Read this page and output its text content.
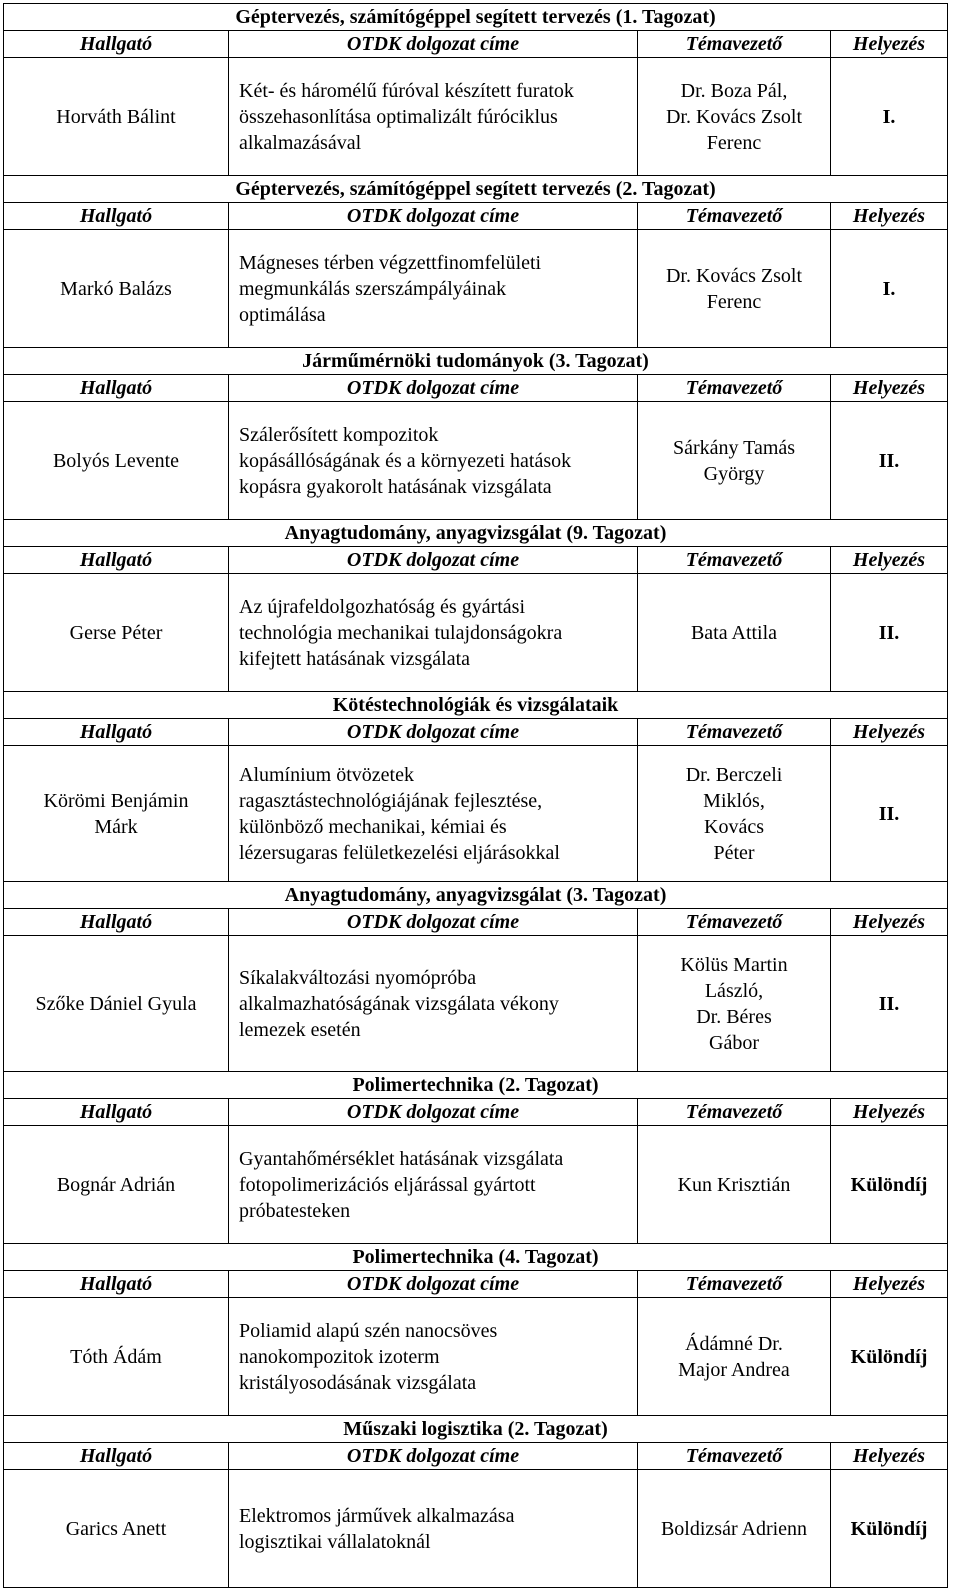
Géptervezés, számítógéppel segített tervezés (1. Tagozat)			
Hallgató	OTDK dolgozat címe	Témavezető	Helyezés
Horváth Bálint	Két- és háromélű fúróval készített furatok
összehasonlítása optimalizált fúróciklus
alkalmazásával	Dr. Boza Pál,
Dr. Kovács Zsolt
Ferenc	I.
Géptervezés, számítógéppel segített tervezés (2. Tagozat)			
Hallgató	OTDK dolgozat címe	Témavezető	Helyezés
Markó Balázs	Mágneses térben végzettfinomfelületi
megmunkálás szerszámpályáinak
optimálása	Dr. Kovács Zsolt
Ferenc	I.
Járműmérnöki tudományok (3. Tagozat)			
Hallgató	OTDK dolgozat címe	Témavezető	Helyezés
Bolyós Levente	Szálerősített kompozitok
kopásállóságának és a környezeti hatások
kopásra gyakorolt hatásának vizsgálata	Sárkány Tamás
György	II.
Anyagtudomány, anyagvizsgálat (9. Tagozat)			
Hallgató	OTDK dolgozat címe	Témavezető	Helyezés
Gerse Péter	Az újrafeldolgozhatóság és gyártási
technológia mechanikai tulajdonságokra
kifejtett hatásának vizsgálata	Bata Attila	II.
Kötéstechnológiák és vizsgálataik			
Hallgató	OTDK dolgozat címe	Témavezető	Helyezés
Körömi Benjámin
Márk	Alumínium ötvözetek
ragasztástechnológiájának fejlesztése,
különböző mechanikai, kémiai és
lézersugaras felületkezelési eljárásokkal	Dr. Berczeli
Miklós,
Kovács
Péter	II.
Anyagtudomány, anyagvizsgálat (3. Tagozat)			
Hallgató	OTDK dolgozat címe	Témavezető	Helyezés
Szőke Dániel Gyula	Síkalakváltozási nyomópróba
alkalmazhatóságának vizsgálata vékony
lemezek esetén	Kölüs Martin
László,
Dr. Béres
Gábor	II.
Polimertechnika (2. Tagozat)			
Hallgató	OTDK dolgozat címe	Témavezető	Helyezés
Bognár Adrián	Gyantahőmérséklet hatásának vizsgálata
fotopolimerizációs eljárással gyártott
próbatesteken	Kun Krisztián	Különdíj
Polimertechnika (4. Tagozat)			
Hallgató	OTDK dolgozat címe	Témavezető	Helyezés
Tóth Ádám	Poliamid alapú szén nanocsöves
nanokompozitok izoterm
kristályosodásának vizsgálata	Ádámné Dr.
Major Andrea	Különdíj
Műszaki logisztika (2. Tagozat)			
Hallgató	OTDK dolgozat címe	Témavezető	Helyezés
Garics Anett	Elektromos járművek alkalmazása
logisztikai vállalatoknál	Boldizsár Adrienn	Különdíj
